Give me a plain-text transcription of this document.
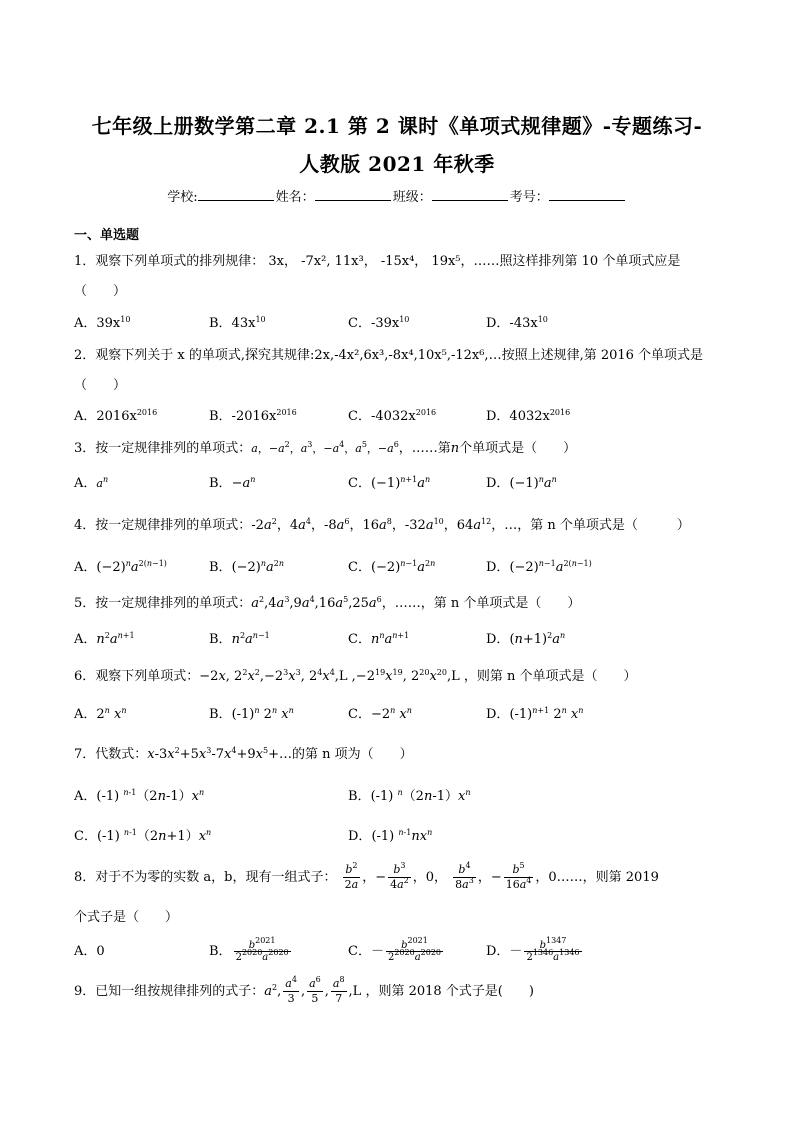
七年级上册数学第二章 2.1 第 2 课时《单项式规律题》-专题练习-
人教版 2021 年秋季
学校:	姓名：	班级：	考号：
一、单选题
1．观察下列单项式的排列规律： 3x， -7x², 11x³， -15x⁴， 19x⁵，……照这样排列第 10 个单项式应是
（　　）
A．$39x^{10}$	B．$43x^{10}$	C．$-39x^{10}$	D．$-43x^{10}$
2．观察下列关于 x 的单项式,探究其规律:2x,-4x²,6x³,-8x⁴,10x⁵,-12x⁶,…按照上述规律,第 2016 个单项式是
（　　）
A．$2016x^{2016}$	B．$-2016x^{2016}$	C．$-4032x^{2016}$	D．$4032x^{2016}$
3．按一定规律排列的单项式：a，$-a^2$，$a^3$，$-a^4$，$a^5$，$-a^6$，……第n个单项式是（　　）
A．$a^n$	B．$-a^n$	C．$(-1)^{n+1}a^n$	D．$(-1)^na^n$
4．按一定规律排列的单项式：$-2a^2$，$4a^4$，$-8a^6$，$16a^8$，$-32a^{10}$，$64a^{12}$，…，第 n 个单项式是（　　　）
A．$(-2)^na^{2(n-1)}$	B．$(-2)^na^{2n}$	C．$(-2)^{n-1}a^{2n}$	D．$(-2)^{n-1}a^{2(n-1)}$
5．按一定规律排列的单项式：$a^2,4a^3,9a^4,16a^5,25a^6$，……，第 n 个单项式是（　　）
A．$n^2a^{n+1}$	B．$n^2a^{n-1}$	C．$n^na^{n+1}$	D．$(n+1)^2a^n$
6．观察下列单项式：−2x, $2^2x^2,-2^3x^3$, $2^4x^4,L$ $,-2^{19}x^{19}$, $2^{20}x^{20},L$ ，则第 n 个单项式是（　　）
A．2$^n$ $x^n$	B．$(-1)^n$ 2$^n$ $x^n$	C．$-2^n$ $x^n$	D．$(-1)^{n+1}$ 2$^n$ $x^n$
7．代数式：$x-3x^2+5x^3-7x^4+9x^5+\dots$的第 n 项为（　　）
A．(-1) $^{n-1}(2n-1)x^n$	B．(-1) $^n(2n-1)x^n$
C．(-1) $^{n-1}(2n+1)x^n$	D．(-1) $^{n-1}nx^n$
8．对于不为零的实数 a，b，现有一组式子： $\frac{b^2}{2a}$ ，− $\frac{b^3}{4a^2}$ ，0， $\frac{b^4}{8a^3}$ ，− $\frac{b^5}{16a^4}$ ，0……，则第 2019
个式子是（　　）
A．0	B． $\frac{b^{2021}}{2^{2020}a^{2020}}$	C．－ $\frac{b^{2021}}{2^{2020}a^{2020}}$	D．－ $\frac{b^{1347}}{2^{1346}a^{1346}}$
9．已知一组按规律排列的式子：$a^2$, $\frac{a^4}{3}$ , $\frac{a^6}{5}$ , $\frac{a^8}{7} ,L$ ，则第 2018 个式子是(　　)
